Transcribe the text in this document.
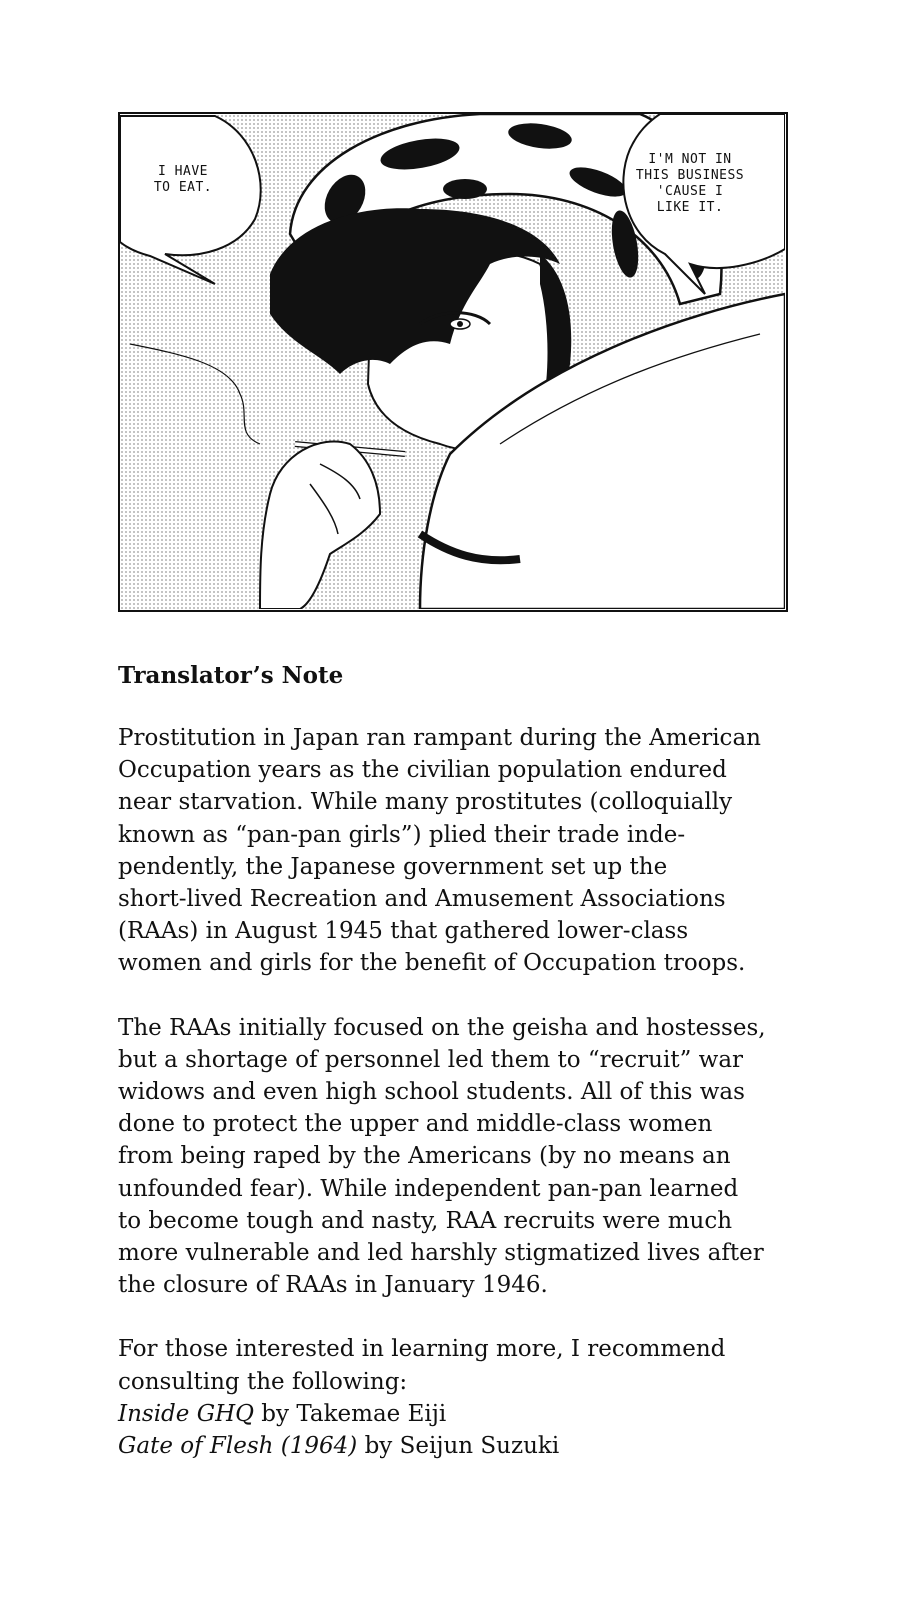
I HAVE
TO EAT.
I'M NOT IN
THIS BUSINESS
'CAUSE I
LIKE IT.
Translator’s Note

Prostitution in Japan ran rampant during the American
Occupation years as the civilian population endured
near starvation. While many prostitutes (colloquially
known as “pan-pan girls”) plied their trade inde-
pendently, the Japanese government set up the
short-lived Recreation and Amusement Associations
(RAAs) in August 1945 that gathered lower-class
women and girls for the benefit of Occupation troops.

The RAAs initially focused on the geisha and hostesses,
but a shortage of personnel led them to “recruit” war
widows and even high school students. All of this was
done to protect the upper and middle-class women
from being raped by the Americans (by no means an
unfounded fear). While independent pan-pan learned
to become tough and nasty, RAA recruits were much
more vulnerable and led harshly stigmatized lives after
the closure of RAAs in January 1946.

For those interested in learning more, I recommend
consulting the following:

Inside GHQ by Takemae Eiji

Gate of Flesh (1964) by Seijun Suzuki
